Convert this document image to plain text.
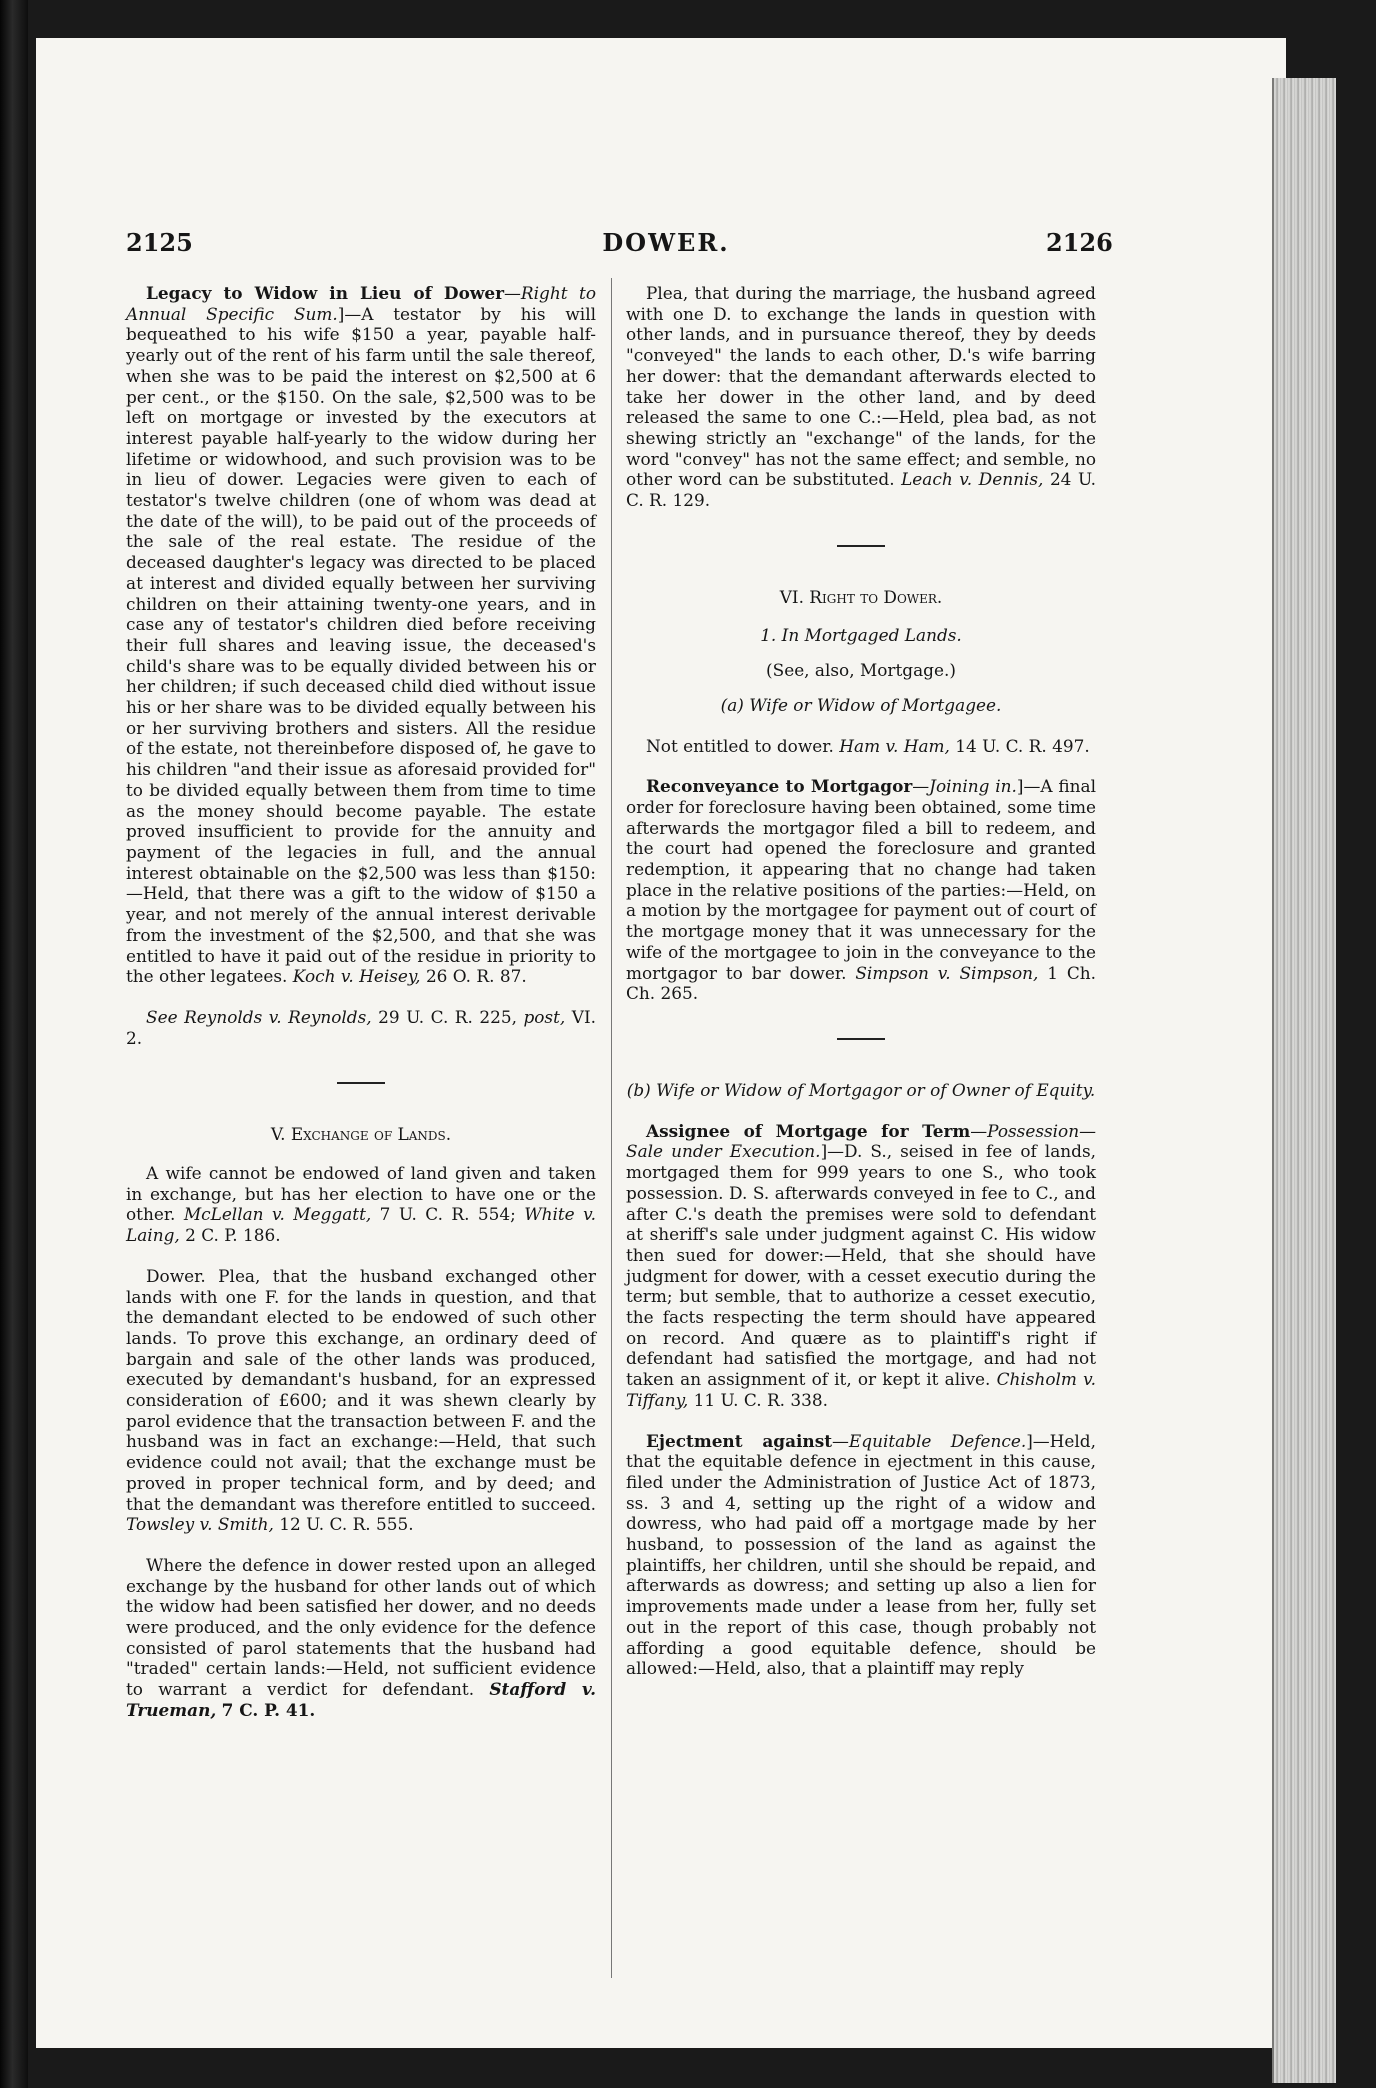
2125	DOWER.	2126

Legacy to Widow in Lieu of Dower—Right to Annual Specific Sum.]—A testator by his will bequeathed to his wife $150 a year, payable half-yearly out of the rent of his farm until the sale thereof, when she was to be paid the interest on $2,500 at 6 per cent., or the $150. On the sale, $2,500 was to be left on mortgage or invested by the executors at interest payable half-yearly to the widow during her lifetime or widowhood, and such provision was to be in lieu of dower. Legacies were given to each of testator's twelve children (one of whom was dead at the date of the will), to be paid out of the proceeds of the sale of the real estate. The residue of the deceased daughter's legacy was directed to be placed at interest and divided equally between her surviving children on their attaining twenty-one years, and in case any of testator's children died before receiving their full shares and leaving issue, the deceased's child's share was to be equally divided between his or her children; if such deceased child died without issue his or her share was to be divided equally between his or her surviving brothers and sisters. All the residue of the estate, not thereinbefore disposed of, he gave to his children "and their issue as aforesaid provided for" to be divided equally between them from time to time as the money should become payable. The estate proved insufficient to provide for the annuity and payment of the legacies in full, and the annual interest obtainable on the $2,500 was less than $150:—Held, that there was a gift to the widow of $150 a year, and not merely of the annual interest derivable from the investment of the $2,500, and that she was entitled to have it paid out of the residue in priority to the other legatees. Koch v. Heisey, 26 O. R. 87.

See Reynolds v. Reynolds, 29 U. C. R. 225, post, VI. 2.

V. Exchange of Lands.

A wife cannot be endowed of land given and taken in exchange, but has her election to have one or the other. McLellan v. Meggatt, 7 U. C. R. 554; White v. Laing, 2 C. P. 186.

Dower. Plea, that the husband exchanged other lands with one F. for the lands in question, and that the demandant elected to be endowed of such other lands. To prove this exchange, an ordinary deed of bargain and sale of the other lands was produced, executed by demandant's husband, for an expressed consideration of £600; and it was shewn clearly by parol evidence that the transaction between F. and the husband was in fact an exchange:—Held, that such evidence could not avail; that the exchange must be proved in proper technical form, and by deed; and that the demandant was therefore entitled to succeed. Towsley v. Smith, 12 U. C. R. 555.

Where the defence in dower rested upon an alleged exchange by the husband for other lands out of which the widow had been satisfied her dower, and no deeds were produced, and the only evidence for the defence consisted of parol statements that the husband had "traded" certain lands:—Held, not sufficient evidence to warrant a verdict for defendant. Stafford v. Trueman, 7 C. P. 41.

Plea, that during the marriage, the husband agreed with one D. to exchange the lands in question with other lands, and in pursuance thereof, they by deeds "conveyed" the lands to each other, D.'s wife barring her dower: that the demandant afterwards elected to take her dower in the other land, and by deed released the same to one C.:—Held, plea bad, as not shewing strictly an "exchange" of the lands, for the word "convey" has not the same effect; and semble, no other word can be substituted. Leach v. Dennis, 24 U. C. R. 129.

VI. Right to Dower.
1. In Mortgaged Lands.
(See, also, Mortgage.)
(a) Wife or Widow of Mortgagee.

Not entitled to dower. Ham v. Ham, 14 U. C. R. 497.

Reconveyance to Mortgagor—Joining in.]—A final order for foreclosure having been obtained, some time afterwards the mortgagor filed a bill to redeem, and the court had opened the foreclosure and granted redemption, it appearing that no change had taken place in the relative positions of the parties:—Held, on a motion by the mortgagee for payment out of court of the mortgage money that it was unnecessary for the wife of the mortgagee to join in the conveyance to the mortgagor to bar dower. Simpson v. Simpson, 1 Ch. Ch. 265.

(b) Wife or Widow of Mortgagor or of Owner of Equity.

Assignee of Mortgage for Term—Possession—Sale under Execution.]—D. S., seised in fee of lands, mortgaged them for 999 years to one S., who took possession. D. S. afterwards conveyed in fee to C., and after C.'s death the premises were sold to defendant at sheriff's sale under judgment against C. His widow then sued for dower:—Held, that she should have judgment for dower, with a cesset executio during the term; but semble, that to authorize a cesset executio, the facts respecting the term should have appeared on record. And quære as to plaintiff's right if defendant had satisfied the mortgage, and had not taken an assignment of it, or kept it alive. Chisholm v. Tiffany, 11 U. C. R. 338.

Ejectment against—Equitable Defence.]—Held, that the equitable defence in ejectment in this cause, filed under the Administration of Justice Act of 1873, ss. 3 and 4, setting up the right of a widow and dowress, who had paid off a mortgage made by her husband, to possession of the land as against the plaintiffs, her children, until she should be repaid, and afterwards as dowress; and setting up also a lien for improvements made under a lease from her, fully set out in the report of this case, though probably not affording a good equitable defence, should be allowed:—Held, also, that a plaintiff may reply
